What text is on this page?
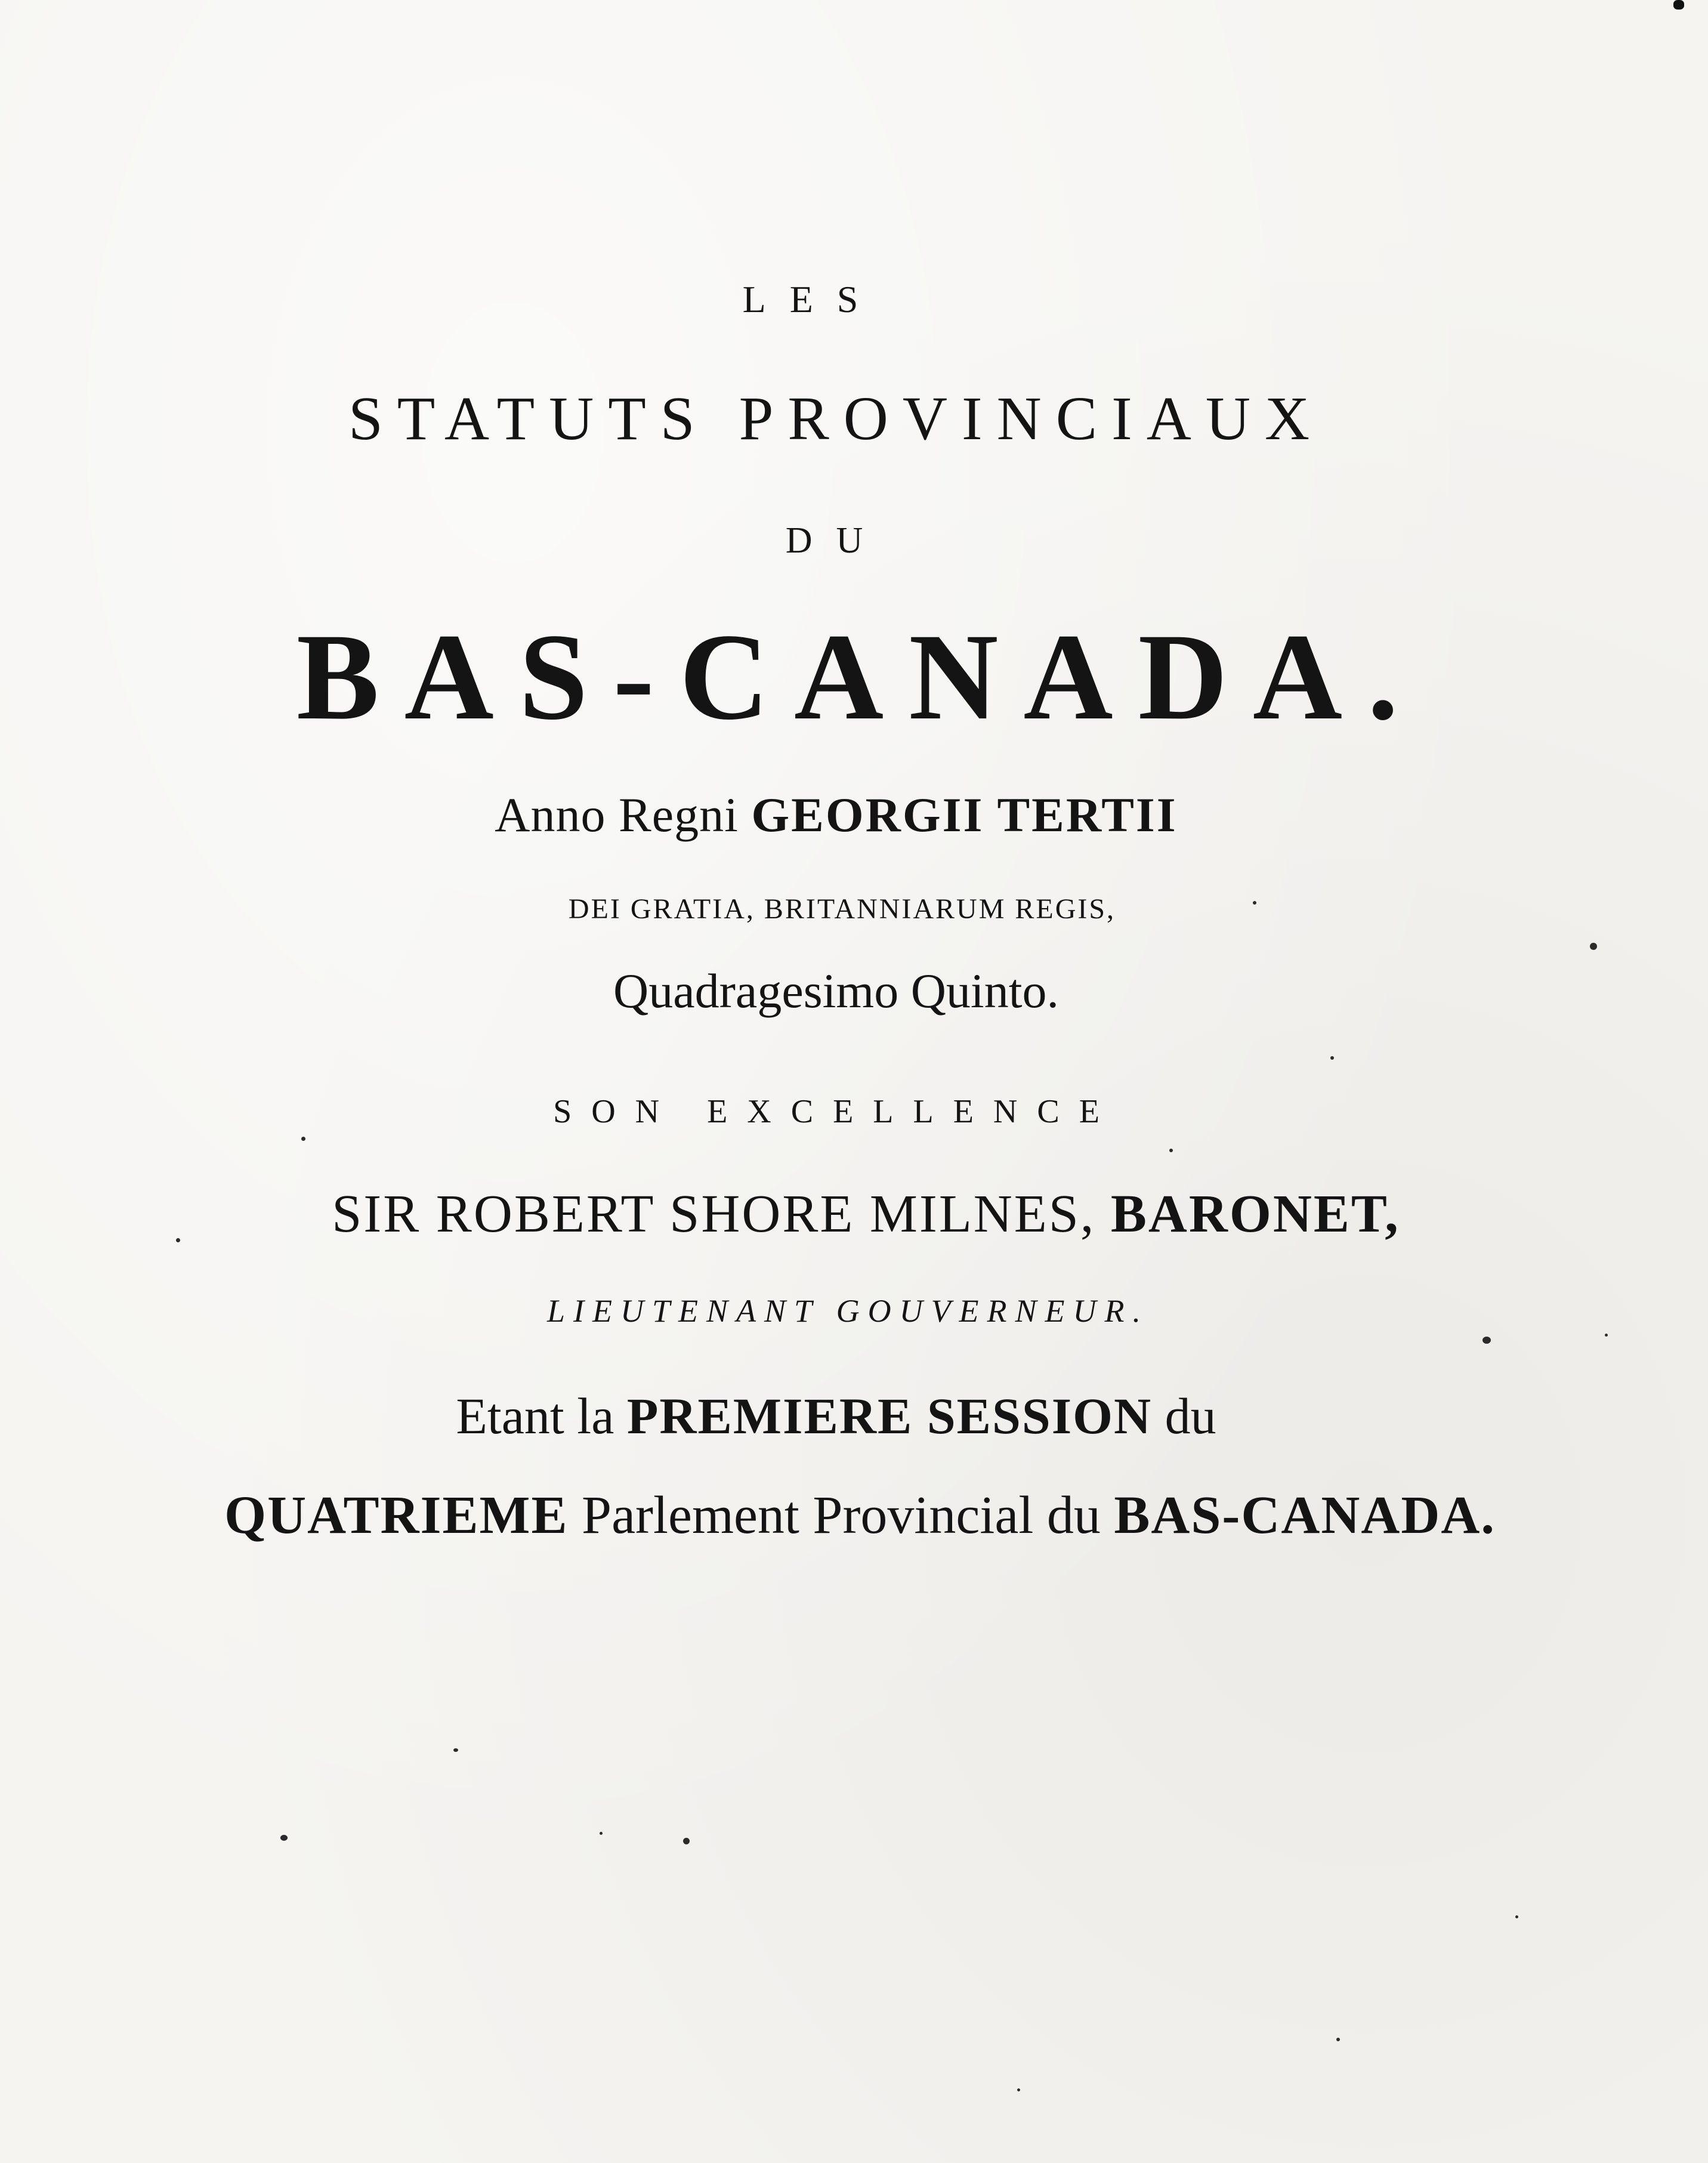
LES
STATUTS PROVINCIAUX
DU
BAS-CANADA.
Anno Regni GEORGII TERTII
DEI GRATIA, BRITANNIARUM REGIS,
Quadragesimo Quinto.
SON EXCELLENCE
SIR ROBERT SHORE MILNES, BARONET,
LIEUTENANT GOUVERNEUR.
Etant la PREMIERE SESSION du
QUATRIEME Parlement Provincial du BAS-CANADA.
